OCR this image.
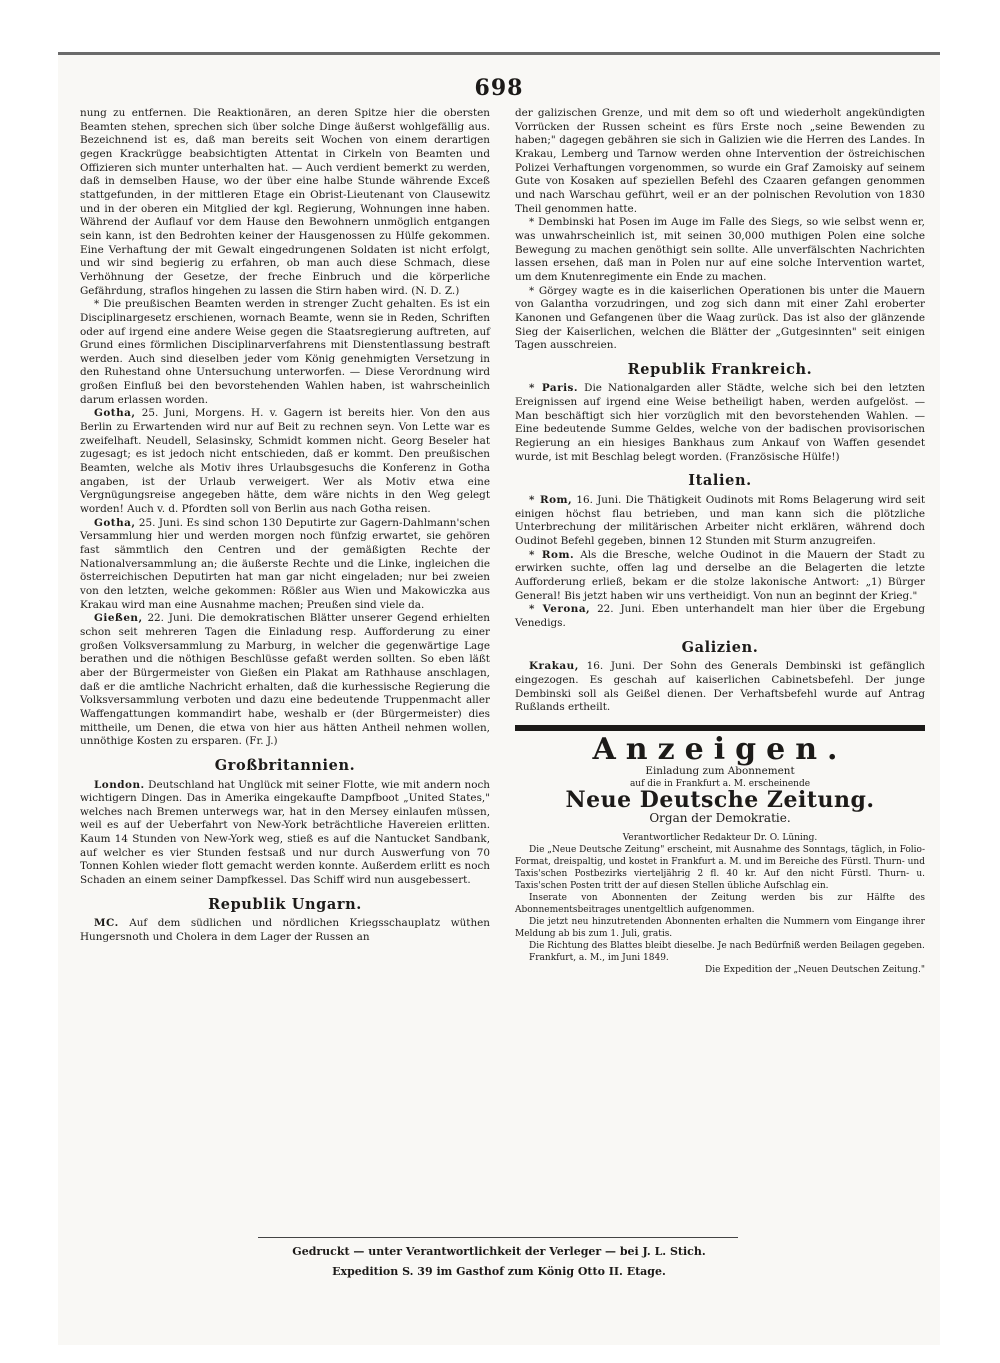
698

nung zu entfernen. Die Reaktionären, an deren Spitze hier die obersten Beamten stehen, sprechen sich über solche Dinge äußerst wohlgefällig aus. Bezeichnend ist es, daß man bereits seit Wochen von einem derartigen gegen Krackrügge beabsichtigten Attentat in Cirkeln von Beamten und Offizieren sich munter unterhalten hat. — Auch verdient bemerkt zu werden, daß in demselben Hause, wo der über eine halbe Stunde währende Exceß stattgefunden, in der mittleren Etage ein Obrist-Lieutenant von Clausewitz und in der oberen ein Mitglied der kgl. Regierung, Wohnungen inne haben. Während der Auflauf vor dem Hause den Bewohnern unmöglich entgangen sein kann, ist den Bedrohten keiner der Hausgenossen zu Hülfe gekommen. Eine Verhaftung der mit Gewalt eingedrungenen Soldaten ist nicht erfolgt, und wir sind begierig zu erfahren, ob man auch diese Schmach, diese Verhöhnung der Gesetze, der freche Einbruch und die körperliche Gefährdung, straflos hingehen zu lassen die Stirn haben wird. (N. D. Z.)

* Die preußischen Beamten werden in strenger Zucht gehalten. Es ist ein Disciplinargesetz erschienen, wornach Beamte, wenn sie in Reden, Schriften oder auf irgend eine andere Weise gegen die Staatsregierung auftreten, auf Grund eines förmlichen Disciplinarverfahrens mit Dienstentlassung bestraft werden. Auch sind dieselben jeder vom König genehmigten Versetzung in den Ruhestand ohne Untersuchung unterworfen. — Diese Verordnung wird großen Einfluß bei den bevorstehenden Wahlen haben, ist wahrscheinlich darum erlassen worden.

Gotha, 25. Juni, Morgens. H. v. Gagern ist bereits hier. Von den aus Berlin zu Erwartenden wird nur auf Beit zu rechnen seyn. Von Lette war es zweifelhaft. Neudell, Selasinsky, Schmidt kommen nicht. Georg Beseler hat zugesagt; es ist jedoch nicht entschieden, daß er kommt. Den preußischen Beamten, welche als Motiv ihres Urlaubsgesuchs die Konferenz in Gotha angaben, ist der Urlaub verweigert. Wer als Motiv etwa eine Vergnügungsreise angegeben hätte, dem wäre nichts in den Weg gelegt worden! Auch v. d. Pfordten soll von Berlin aus nach Gotha reisen.

Gotha, 25. Juni. Es sind schon 130 Deputirte zur Gagern-Dahlmann'schen Versammlung hier und werden morgen noch fünfzig erwartet, sie gehören fast sämmtlich den Centren und der gemäßigten Rechte der Nationalversammlung an; die äußerste Rechte und die Linke, ingleichen die österreichischen Deputirten hat man gar nicht eingeladen; nur bei zweien von den letzten, welche gekommen: Rößler aus Wien und Makowiczka aus Krakau wird man eine Ausnahme machen; Preußen sind viele da.

Gießen, 22. Juni. Die demokratischen Blätter unserer Gegend erhielten schon seit mehreren Tagen die Einladung resp. Aufforderung zu einer großen Volksversammlung zu Marburg, in welcher die gegenwärtige Lage berathen und die nöthigen Beschlüsse gefaßt werden sollten. So eben läßt aber der Bürgermeister von Gießen ein Plakat am Rathhause anschlagen, daß er die amtliche Nachricht erhalten, daß die kurhessische Regierung die Volksversammlung verboten und dazu eine bedeutende Truppenmacht aller Waffengattungen kommandirt habe, weshalb er (der Bürgermeister) dies mittheile, um Denen, die etwa von hier aus hätten Antheil nehmen wollen, unnöthige Kosten zu ersparen. (Fr. J.)

Großbritannien.

London. Deutschland hat Unglück mit seiner Flotte, wie mit andern noch wichtigern Dingen. Das in Amerika eingekaufte Dampfboot „United States," welches nach Bremen unterwegs war, hat in den Mersey einlaufen müssen, weil es auf der Ueberfahrt von New-York beträchtliche Havereien erlitten. Kaum 14 Stunden von New-York weg, stieß es auf die Nantucket Sandbank, auf welcher es vier Stunden festsaß und nur durch Auswerfung von 70 Tonnen Kohlen wieder flott gemacht werden konnte. Außerdem erlitt es noch Schaden an einem seiner Dampfkessel. Das Schiff wird nun ausgebessert.

Republik Ungarn.

MC. Auf dem südlichen und nördlichen Kriegsschauplatz wüthen Hungersnoth und Cholera in dem Lager der Russen an

der galizischen Grenze, und mit dem so oft und wiederholt angekündigten Vorrücken der Russen scheint es fürs Erste noch „seine Bewenden zu haben;" dagegen gebähren sie sich in Galizien wie die Herren des Landes. In Krakau, Lemberg und Tarnow werden ohne Intervention der östreichischen Polizei Verhaftungen vorgenommen, so wurde ein Graf Zamoisky auf seinem Gute von Kosaken auf speziellen Befehl des Czaaren gefangen genommen und nach Warschau geführt, weil er an der polnischen Revolution von 1830 Theil genommen hatte.

* Dembinski hat Posen im Auge im Falle des Siegs, so wie selbst wenn er, was unwahrscheinlich ist, mit seinen 30,000 muthigen Polen eine solche Bewegung zu machen genöthigt sein sollte. Alle unverfälschten Nachrichten lassen ersehen, daß man in Polen nur auf eine solche Intervention wartet, um dem Knutenregimente ein Ende zu machen.

* Görgey wagte es in die kaiserlichen Operationen bis unter die Mauern von Galantha vorzudringen, und zog sich dann mit einer Zahl eroberter Kanonen und Gefangenen über die Waag zurück. Das ist also der glänzende Sieg der Kaiserlichen, welchen die Blätter der „Gutgesinnten" seit einigen Tagen ausschreien.

Republik Frankreich.

* Paris. Die Nationalgarden aller Städte, welche sich bei den letzten Ereignissen auf irgend eine Weise betheiligt haben, werden aufgelöst. — Man beschäftigt sich hier vorzüglich mit den bevorstehenden Wahlen. — Eine bedeutende Summe Geldes, welche von der badischen provisorischen Regierung an ein hiesiges Bankhaus zum Ankauf von Waffen gesendet wurde, ist mit Beschlag belegt worden. (Französische Hülfe!)

Italien.

* Rom, 16. Juni. Die Thätigkeit Oudinots mit Roms Belagerung wird seit einigen höchst flau betrieben, und man kann sich die plötzliche Unterbrechung der militärischen Arbeiter nicht erklären, während doch Oudinot Befehl gegeben, binnen 12 Stunden mit Sturm anzugreifen.

* Rom. Als die Bresche, welche Oudinot in die Mauern der Stadt zu erwirken suchte, offen lag und derselbe an die Belagerten die letzte Aufforderung erließ, bekam er die stolze lakonische Antwort: „1) Bürger General! Bis jetzt haben wir uns vertheidigt. Von nun an beginnt der Krieg."

* Verona, 22. Juni. Eben unterhandelt man hier über die Ergebung Venedigs.

Galizien.

Krakau, 16. Juni. Der Sohn des Generals Dembinski ist gefänglich eingezogen. Es geschah auf kaiserlichen Cabinetsbefehl. Der junge Dembinski soll als Geißel dienen. Der Verhaftsbefehl wurde auf Antrag Rußlands ertheilt.

Anzeigen.
Einladung zum Abonnement
auf die in Frankfurt a. M. erscheinende
Neue Deutsche Zeitung.
Organ der Demokratie.
Verantwortlicher Redakteur Dr. O. Lüning.

Die „Neue Deutsche Zeitung" erscheint, mit Ausnahme des Sonntags, täglich, in Folio-Format, dreispaltig, und kostet in Frankfurt a. M. und im Bereiche des Fürstl. Thurn- und Taxis'schen Postbezirks vierteljährig 2 fl. 40 kr. Auf den nicht Fürstl. Thurn- u. Taxis'schen Posten tritt der auf diesen Stellen übliche Aufschlag ein.

Inserate von Abonnenten der Zeitung werden bis zur Hälfte des Abonnementsbeitrages unentgeltlich aufgenommen.

Die jetzt neu hinzutretenden Abonnenten erhalten die Nummern vom Eingange ihrer Meldung ab bis zum 1. Juli, gratis.

Die Richtung des Blattes bleibt dieselbe. Je nach Bedürfniß werden Beilagen gegeben.

Frankfurt, a. M., im Juni 1849.

Die Expedition der „Neuen Deutschen Zeitung."

Gedruckt — unter Verantwortlichkeit der Verleger — bei J. L. Stich.
Expedition S. 39 im Gasthof zum König Otto II. Etage.
